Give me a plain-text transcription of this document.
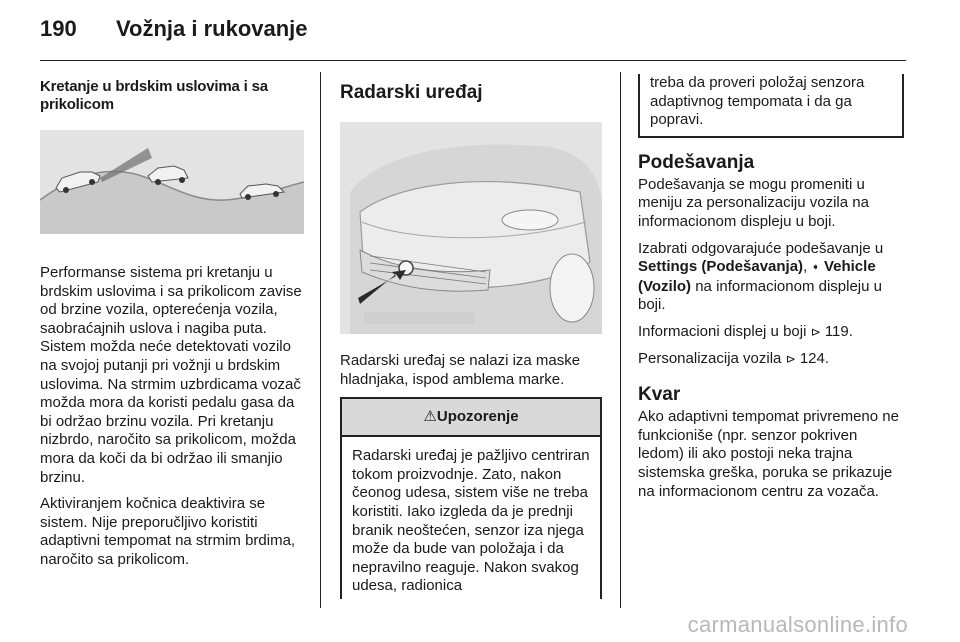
190 Vožnja i rukovanje
Kretanje u brdskim uslovima i sa prikolicom

Performanse sistema pri kretanju u brdskim uslovima i sa prikolicom zavise od brzine vozila, opterećenja vozila, saobraćajnih uslova i nagiba puta. Sistem možda neće detektovati vozilo na svojoj putanji pri vožnji u brdskim uslovima. Na strmim uzbrdicama vozač možda mora da koristi pedalu gasa da bi održao brzinu vozila. Pri kretanju nizbrdo, naročito sa prikolicom, možda mora da koči da bi održao ili smanjio brzinu.

Aktiviranjem kočnica deaktivira se sistem. Nije preporučljivo koristiti adaptivni tempomat na strmim brdima, naročito sa prikolicom.

Radarski uređaj

Radarski uređaj se nalazi iza maske hladnjaka, ispod amblema marke.

⚠Upozorenje

Radarski uređaj je pažljivo centriran tokom proizvodnje. Zato, nakon čeonog udesa, sistem više ne treba koristiti. Iako izgleda da je prednji branik neoštećen, senzor iza njega može da bude van položaja i da nepravilno reaguje. Nakon svakog udesa, radionica

treba da proveri položaj senzora adaptivnog tempomata i da ga popravi.

Podešavanja

Podešavanja se mogu promeniti u meniju za personalizaciju vozila na informacionom displeju u boji.

Izabrati odgovarajuće podešavanje u Settings (Podešavanja), ➧ Vehicle (Vozilo) na informacionom displeju u boji.

Informacioni displej u boji ⊳ 119.

Personalizacija vozila ⊳ 124.

Kvar

Ako adaptivni tempomat privremeno ne funkcioniše (npr. senzor pokriven ledom) ili ako postoji neka trajna sistemska greška, poruka se prikazuje na informacionom centru za vozača.

carmanualsonline.info
